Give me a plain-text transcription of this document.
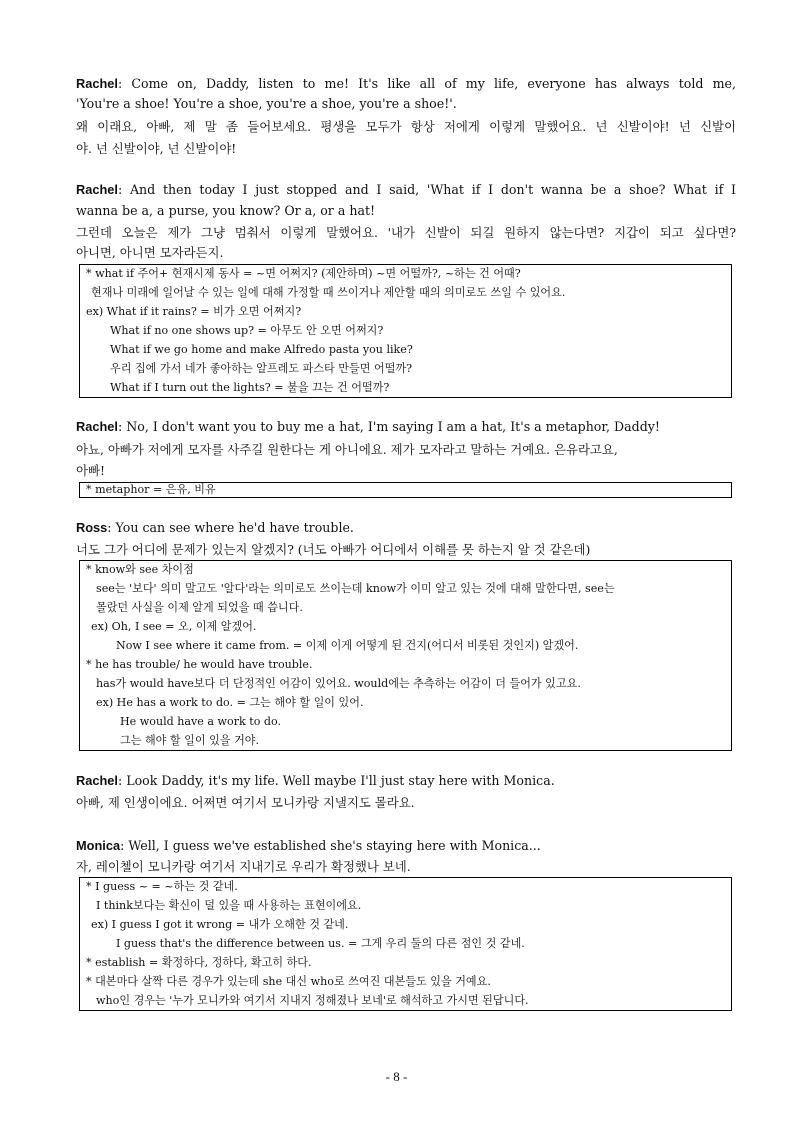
Rachel: Come on, Daddy, listen to me! It's like all of my life, everyone has always told me,
'You're a shoe! You're a shoe, you're a shoe, you're a shoe!'.
왜 이래요, 아빠, 제 말 좀 들어보세요. 평생을 모두가 항상 저에게 이렇게 말했어요. 넌 신발이야! 넌 신발이
야. 넌 신발이야, 넌 신발이야!
Rachel: And then today I just stopped and I said, 'What if I don't wanna be a shoe? What if I
wanna be a, a purse, you know? Or a, or a hat!
그런데 오늘은 제가 그냥 멈춰서 이렇게 말했어요. '내가 신발이 되길 원하지 않는다면? 지갑이 되고 싶다면?
아니면, 아니면 모자라든지.
* what if 주어+ 현재시제 동사 = ~면 어쩌지? (제안하며) ~면 어떨까?, ~하는 건 어때?
현재나 미래에 일어날 수 있는 일에 대해 가정할 때 쓰이거나 제안할 때의 의미로도 쓰일 수 있어요.
ex) What if it rains? = 비가 오면 어쩌지?
What if no one shows up? = 아무도 안 오면 어쩌지?
What if we go home and make Alfredo pasta you like?
우리 집에 가서 네가 좋아하는 알프레도 파스타 만들면 어떨까?
What if I turn out the lights? = 불을 끄는 건 어떨까?
Rachel: No, I don't want you to buy me a hat, I'm saying I am a hat, It's a metaphor, Daddy!
아뇨, 아빠가 저에게 모자를 사주길 원한다는 게 아니에요. 제가 모자라고 말하는 거예요. 은유라고요,
아빠!
* metaphor = 은유, 비유
Ross: You can see where he'd have trouble.
너도 그가 어디에 문제가 있는지 알겠지? (너도 아빠가 어디에서 이해를 못 하는지 알 것 같은데)
* know와 see 차이점
see는 '보다' 의미 말고도 '알다'라는 의미로도 쓰이는데 know가 이미 알고 있는 것에 대해 말한다면, see는
몰랐던 사실을 이제 알게 되었을 때 씁니다.
ex) Oh, I see = 오, 이제 알겠어.
Now I see where it came from. = 이제 이게 어떻게 된 건지(어디서 비롯된 것인지) 알겠어.
* he has trouble/ he would have trouble.
has가 would have보다 더 단정적인 어감이 있어요. would에는 추측하는 어감이 더 들어가 있고요.
ex) He has a work to do. = 그는 해야 할 일이 있어.
He would have a work to do.
그는 해야 할 일이 있을 거야.
Rachel: Look Daddy, it's my life. Well maybe I'll just stay here with Monica.
아빠, 제 인생이에요. 어쩌면 여기서 모니카랑 지낼지도 몰라요.
Monica: Well, I guess we've established she's staying here with Monica...
자, 레이첼이 모니카랑 여기서 지내기로 우리가 확정했나 보네.
* I guess ~ = ~하는 것 같네.
I think보다는 확신이 덜 있을 때 사용하는 표현이에요.
ex) I guess I got it wrong = 내가 오해한 것 같네.
I guess that's the difference between us. = 그게 우리 둘의 다른 점인 것 같네.
* establish = 확정하다, 정하다, 확고히 하다.
* 대본마다 살짝 다른 경우가 있는데 she 대신 who로 쓰여진 대본들도 있을 거예요.
who인 경우는 '누가 모니카와 여기서 지내지 정해졌나 보네'로 해석하고 가시면 된답니다.
- 8 -
